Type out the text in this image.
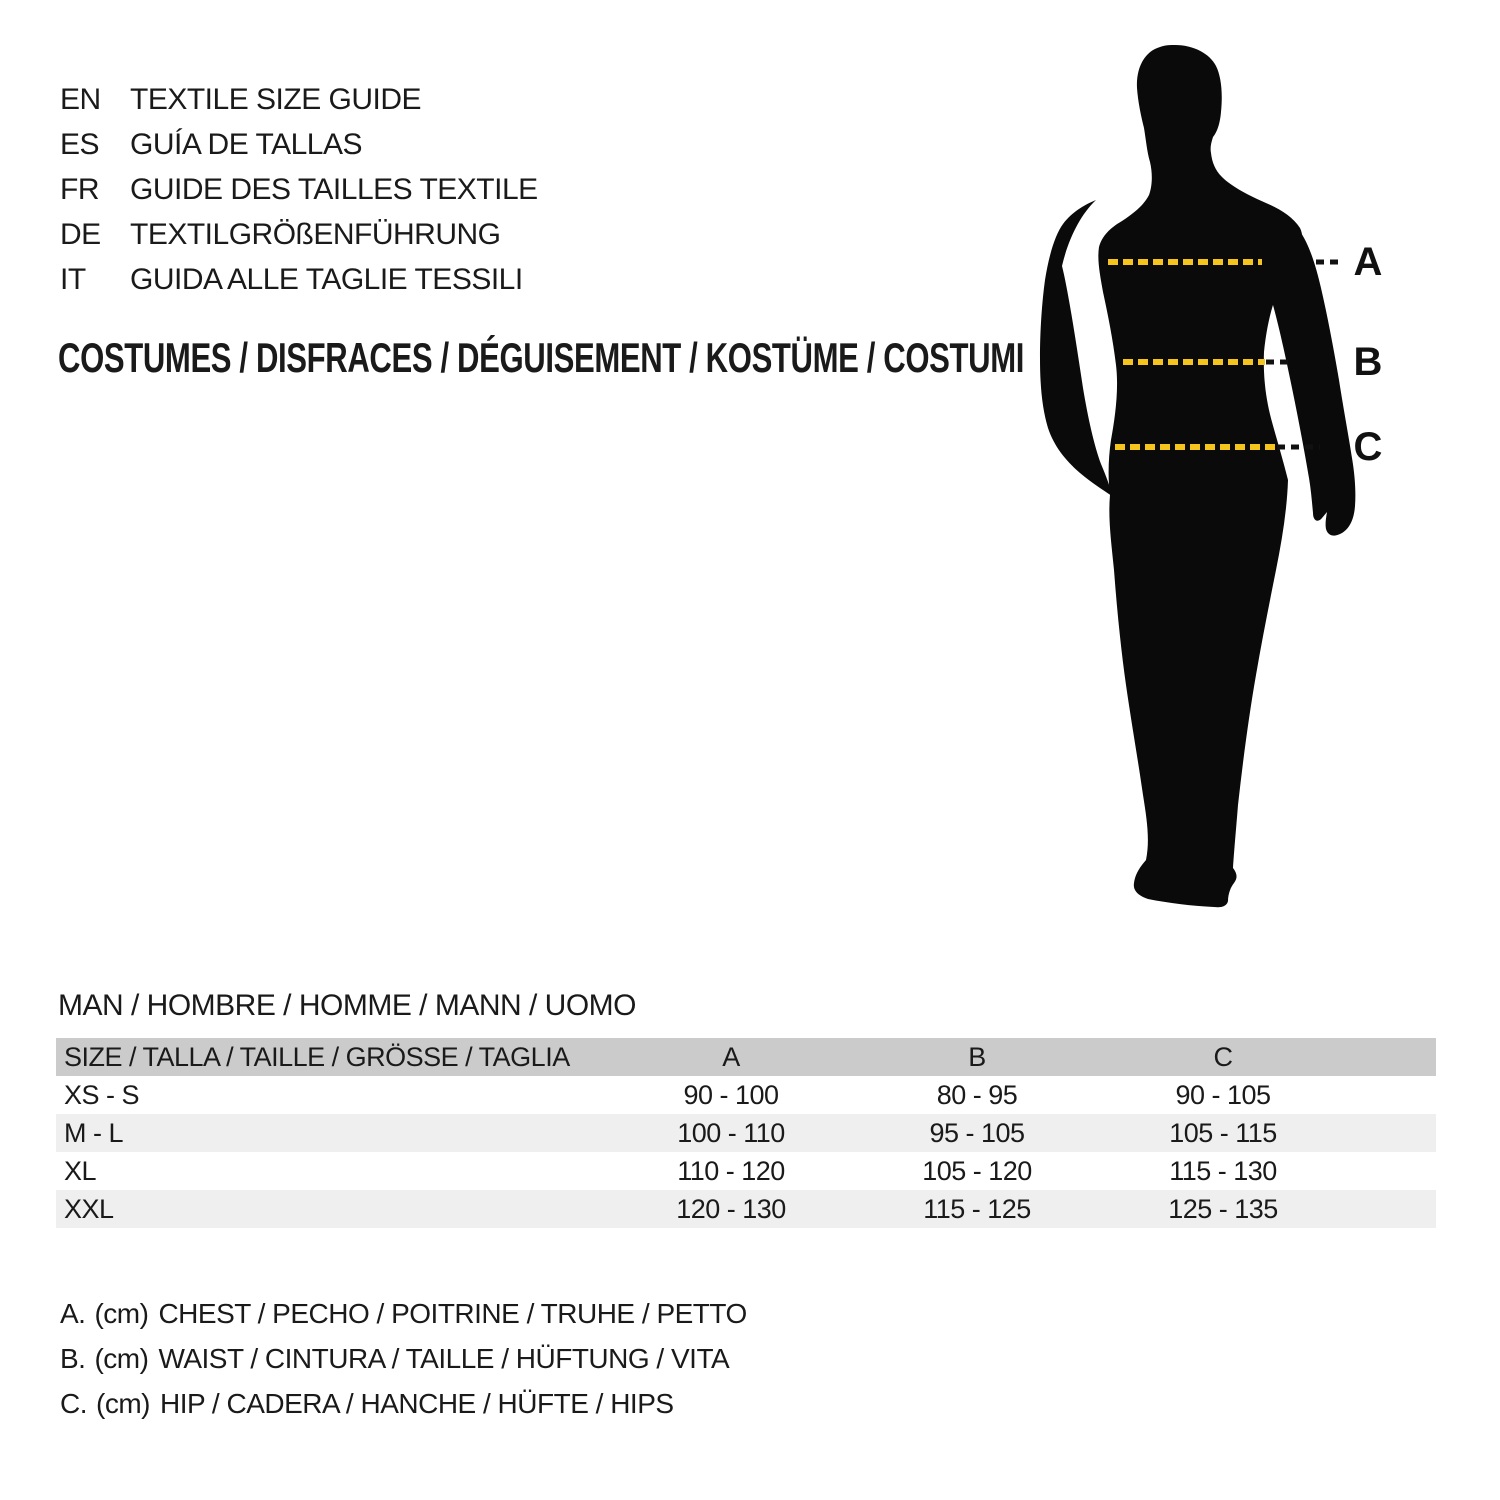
EN TEXTILE SIZE GUIDE
ES	GUÍA DE TALLAS
FR	GUIDE DES TAILLES TEXTILE
DE TEXTILGRÖßENFÜHRUNG
IT	GUIDA ALLE TAGLIE TESSILI
COSTUMES / DISFRACES / DÉGUISEMENT / KOSTÜME / COSTUMI
A
B
C
MAN / HOMBRE / HOMME / MANN / UOMO
SIZE / TALLA / TAILLE / GRÖSSE / TAGLIA	A	B	C	
XS - S	90 - 100	80 - 95	90 - 105	
M - L	100 - 110	95 - 105	105 - 115	
XL	110 - 120	105 - 120	115 - 130	
XXL	120 - 130	115 - 125	125 - 135	
A. (cm) CHEST / PECHO / POITRINE / TRUHE / PETTO
B. (cm) WAIST / CINTURA / TAILLE / HÜFTUNG / VITA
C. (cm) HIP / CADERA / HANCHE / HÜFTE / HIPS
